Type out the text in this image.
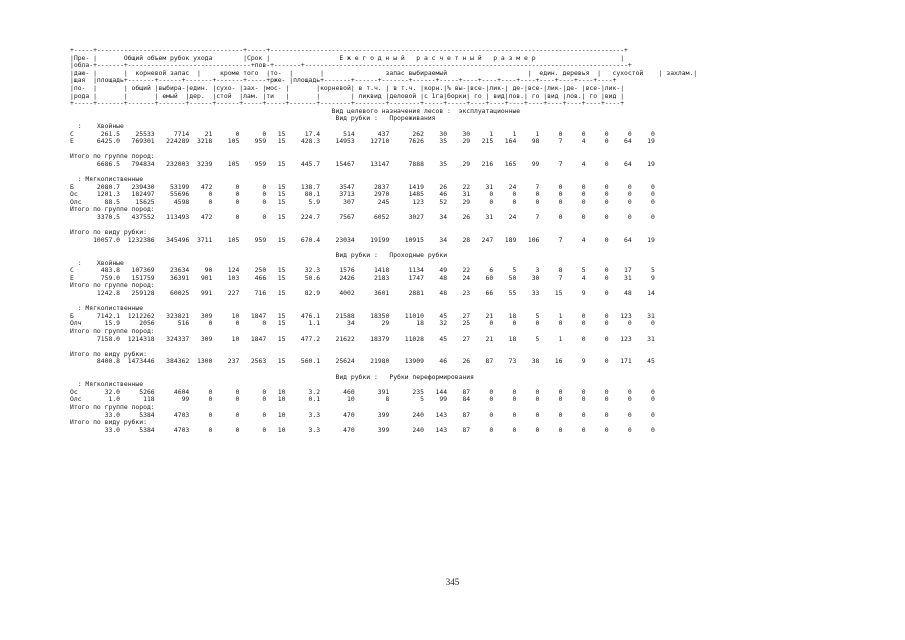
+-----+--------------------------------------+-----+--------------------------------------------------------------------------------------------+
|Пре- |       Общий объем рубок ухода        |Срок |                  Е ж е г о д н ы й   р а с ч е т н ы й   р а з м е р                      |
|обла-+-------+--------------------------------+пов-+-------+------------------------------------------------------------------------------------+
|даю- |       |  корневой запас  |     кроме того  |то-  |       |                запас выбираемый                     |  един. деревья  |   сухостой    | захлам.|
|щая  |площадь+-------+------+-------+-------+-----+рже- |площадь+-------+------+-------+------+-----+----+----+----+----+----+----+----+----+
|по-  |       | общий |выбира-|един. |сухо- |зах- |мос- |       |корневой| в т.ч. | в т.ч. |корн.|% вы-|все-|лик-| де-|все-|лик-|де- |все-|лик-|
|рода |       |       | емый  |дер.  |стой  |лам. |ти   |       |        | ликвид |деловой |с 1га|борки| го | вид|лов.| го |вид |лов.| го |вид |
+-----+-------+-------+-------+------+------+-----+-----+-------+--------+--------+--------+-----+-----+----+----+----+----+----+----+----+----+
Вид целевого назначения лесов :  эксплуатационные
Вид рубки :   Прореживания
:    Хвойные
С       261.5    25533     7714    21      0      0   15     17.4      514      437      262    30    30     1     1     1     0     0     0     0     0
Е      6425.0   769301   224289  3218    105    959   15    428.3    14953    12710     7626    35    29   215   164    98     7     4     0    64    19
Итого по группе пород:
6686.5   794834   232003  3239    105    959   15    445.7    15467    13147     7888    35    29   216   165    99     7     4     0    64    19
: Мягколиственные
Б      2080.7   239430    53199   472      0      0   15    138.7     3547     2837     1419    26    22    31    24     7     0     0     0     0     0
Ос     1201.3   182497    55696     0      0      0   15     80.1     3713     2970     1485    46    31     0     0     0     0     0     0     0     0
Олс      88.5    15625     4598     0      0      0   15      5.9      307      245      123    52    29     0     0     0     0     0     0     0     0
Итого по группе пород:
3370.5   437552   113493   472      0      0   15    224.7     7567     6052     3027    34    26    31    24     7     0     0     0     0     0
Итого по виду рубки:
10057.0  1232386   345496  3711    105    959   15    670.4    23034    19199    10915    34    28   247   189   106     7     4     0    64    19
Вид рубки :   Проходные рубки
:    Хвойные
С       483.8   107369    23634    90    124    250   15     32.3     1576     1418     1134    49    22     6     5     3     8     5     0    17     5
Е       759.0   151759    36391   901    103    466   15     50.6     2426     2183     1747    48    24    60    50    30     7     4     0    31     9
Итого по группе пород:
1242.8   259128    60025   991    227    716   15     82.9     4002     3601     2881    48    23    66    55    33    15     9     0    48    14
: Мягколиственные
Б      7142.1  1212262   323821   309     10   1847   15    476.1    21588    18350    11010    45    27    21    18     5     1     0     0   123    31
Олч      15.9     2056      516     0      0      0   15      1.1       34       29       18    32    25     0     0     0     0     0     0     0     0
Итого по группе пород:
7158.0  1214318   324337   309     10   1847   15    477.2    21622    18379    11028    45    27    21    18     5     1     0     0   123    31
Итого по виду рубки:
8400.8  1473446   384362  1300    237   2563   15    560.1    25624    21980    13909    46    26    87    73    38    16     9     0   171    45
Вид рубки :   Рубки переформирования
: Мягколиственные
Ос       32.0     5266     4604     0      0      0   10      3.2      460      391      235   144    87     0     0     0     0     0     0     0     0
Олс       1.0      118       99     0      0      0   10      0.1       10        8        5    99    84     0     0     0     0     0     0     0     0
Итого по группе пород:
33.0     5384     4703     0      0      0   10      3.3      470      399      240   143    87     0     0     0     0     0     0     0     0
Итого по виду рубки:
33.0     5384     4703     0      0      0   10      3.3      470      399      240   143    87     0     0     0     0     0     0     0     0
345
